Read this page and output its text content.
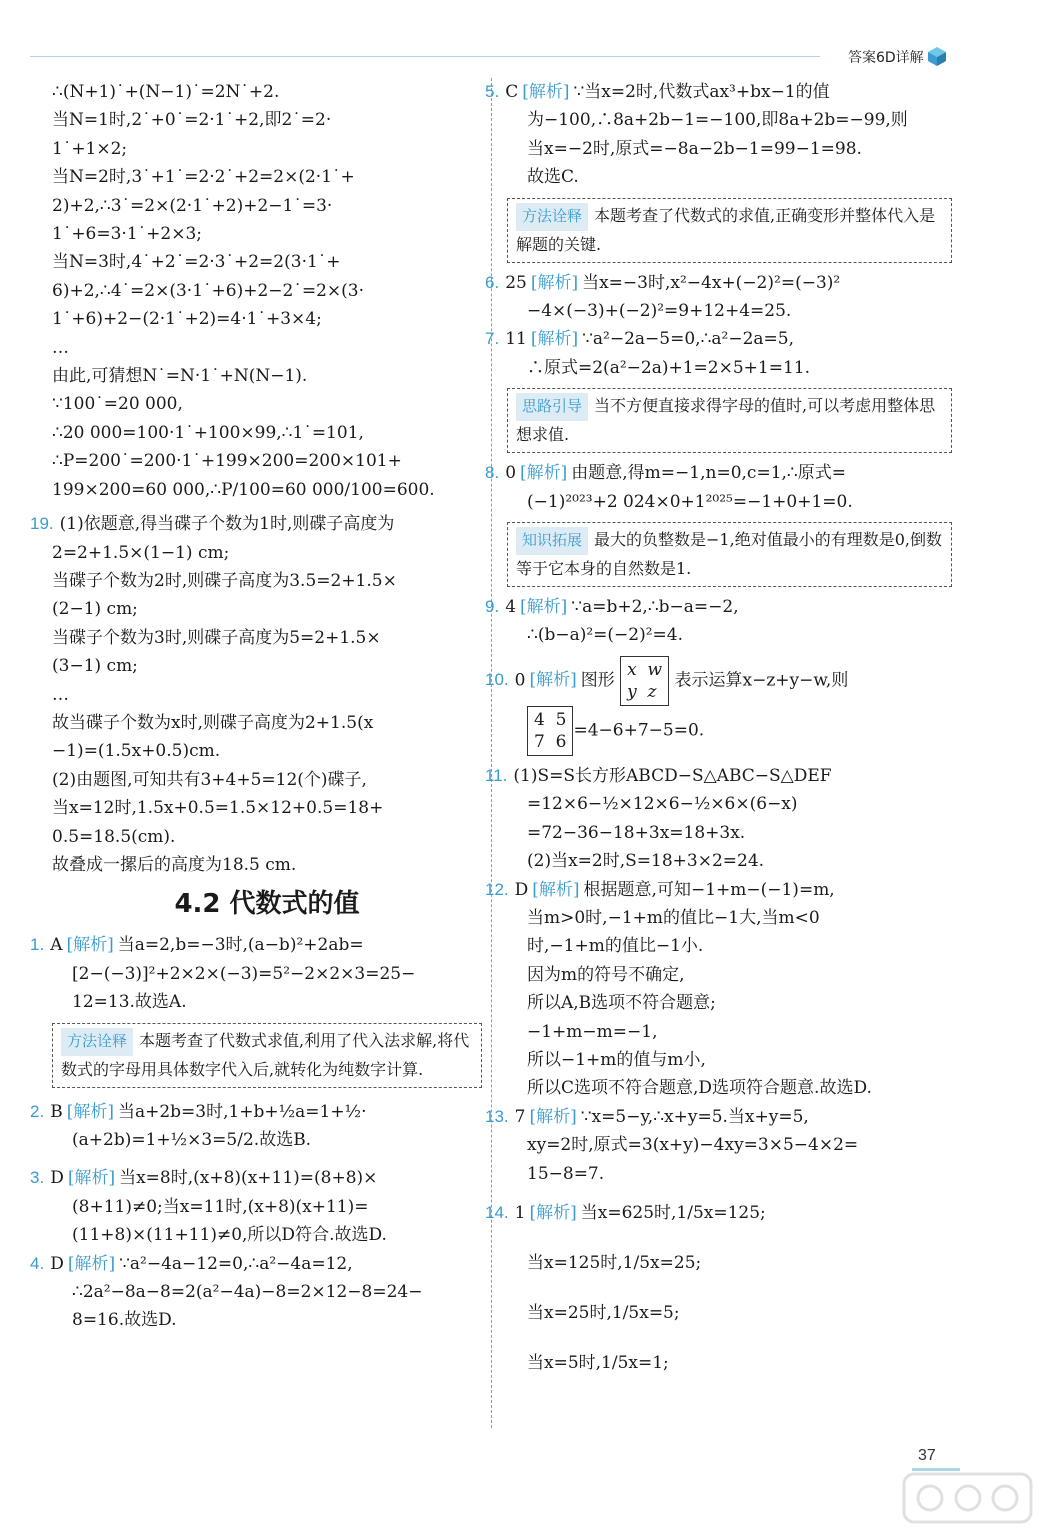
答案6D详解
∴(N+1)˙+(N−1)˙=2N˙+2.
当N=1时,2˙+0˙=2·1˙+2,即2˙=2·
1˙+1×2;
当N=2时,3˙+1˙=2·2˙+2=2×(2·1˙+
2)+2,∴3˙=2×(2·1˙+2)+2−1˙=3·
1˙+6=3·1˙+2×3;
当N=3时,4˙+2˙=2·3˙+2=2(3·1˙+
6)+2,∴4˙=2×(3·1˙+6)+2−2˙=2×(3·
1˙+6)+2−(2·1˙+2)=4·1˙+3×4;
…
由此,可猜想N˙=N·1˙+N(N−1).
∵100˙=20 000,
∴20 000=100·1˙+100×99,∴1˙=101,
∴P=200˙=200·1˙+199×200=200×101+
199×200=60 000,∴P/100=60 000/100=600.
19. (1)依题意,得当碟子个数为1时,则碟子高度为
2=2+1.5×(1−1) cm;
当碟子个数为2时,则碟子高度为3.5=2+1.5×
(2−1) cm;
当碟子个数为3时,则碟子高度为5=2+1.5×
(3−1) cm;
…
故当碟子个数为x时,则碟子高度为2+1.5(x
−1)=(1.5x+0.5)cm.
(2)由题图,可知共有3+4+5=12(个)碟子,
当x=12时,1.5x+0.5=1.5×12+0.5=18+
0.5=18.5(cm).
故叠成一摞后的高度为18.5 cm.
4.2 代数式的值
1. A [解析] 当a=2,b=−3时,(a−b)²+2ab=
[2−(−3)]²+2×2×(−3)=5²−2×2×3=25−
12=13.故选A.
方法诠释 本题考查了代数式求值,利用了代入法求解,将代数式的字母用具体数字代入后,就转化为纯数字计算.
2. B [解析] 当a+2b=3时,1+b+½a=1+½·
(a+2b)=1+½×3=5/2.故选B.
3. D [解析] 当x=8时,(x+8)(x+11)=(8+8)×
(8+11)≠0;当x=11时,(x+8)(x+11)=
(11+8)×(11+11)≠0,所以D符合.故选D.
4. D [解析] ∵a²−4a−12=0,∴a²−4a=12,
∴2a²−8a−8=2(a²−4a)−8=2×12−8=24−
8=16.故选D.
5. C [解析] ∵当x=2时,代数式ax³+bx−1的值
为−100,∴8a+2b−1=−100,即8a+2b=−99,则
当x=−2时,原式=−8a−2b−1=99−1=98.
故选C.
方法诠释 本题考查了代数式的求值,正确变形并整体代入是解题的关键.
6. 25 [解析] 当x=−3时,x²−4x+(−2)²=(−3)²
−4×(−3)+(−2)²=9+12+4=25.
7. 11 [解析] ∵a²−2a−5=0,∴a²−2a=5,
∴原式=2(a²−2a)+1=2×5+1=11.
思路引导 当不方便直接求得字母的值时,可以考虑用整体思想求值.
8. 0 [解析] 由题意,得m=−1,n=0,c=1,∴原式=
(−1)²⁰²³+2 024×0+1²⁰²⁵=−1+0+1=0.
知识拓展 最大的负整数是−1,绝对值最小的有理数是0,倒数等于它本身的自然数是1.
9. 4 [解析] ∵a=b+2,∴b−a=−2,
∴(b−a)²=(−2)²=4.
10. 0 [解析] 图形
x  w
y  z
表示运算x−z+y−w,则
4  5
7  6
=4−6+7−5=0.
11. (1)S=S长方形ABCD−S△ABC−S△DEF
=12×6−½×12×6−½×6×(6−x)
=72−36−18+3x=18+3x.
(2)当x=2时,S=18+3×2=24.
12. D [解析] 根据题意,可知−1+m−(−1)=m,
当m>0时,−1+m的值比−1大,当m<0
时,−1+m的值比−1小.
因为m的符号不确定,
所以A,B选项不符合题意;
−1+m−m=−1,
所以−1+m的值与m小,
所以C选项不符合题意,D选项符合题意.故选D.
13. 7 [解析] ∵x=5−y,∴x+y=5.当x+y=5,
xy=2时,原式=3(x+y)−4xy=3×5−4×2=
15−8=7.
14. 1 [解析] 当x=625时,1/5x=125;
当x=125时,1/5x=25;
当x=25时,1/5x=5;
当x=5时,1/5x=1;
37
